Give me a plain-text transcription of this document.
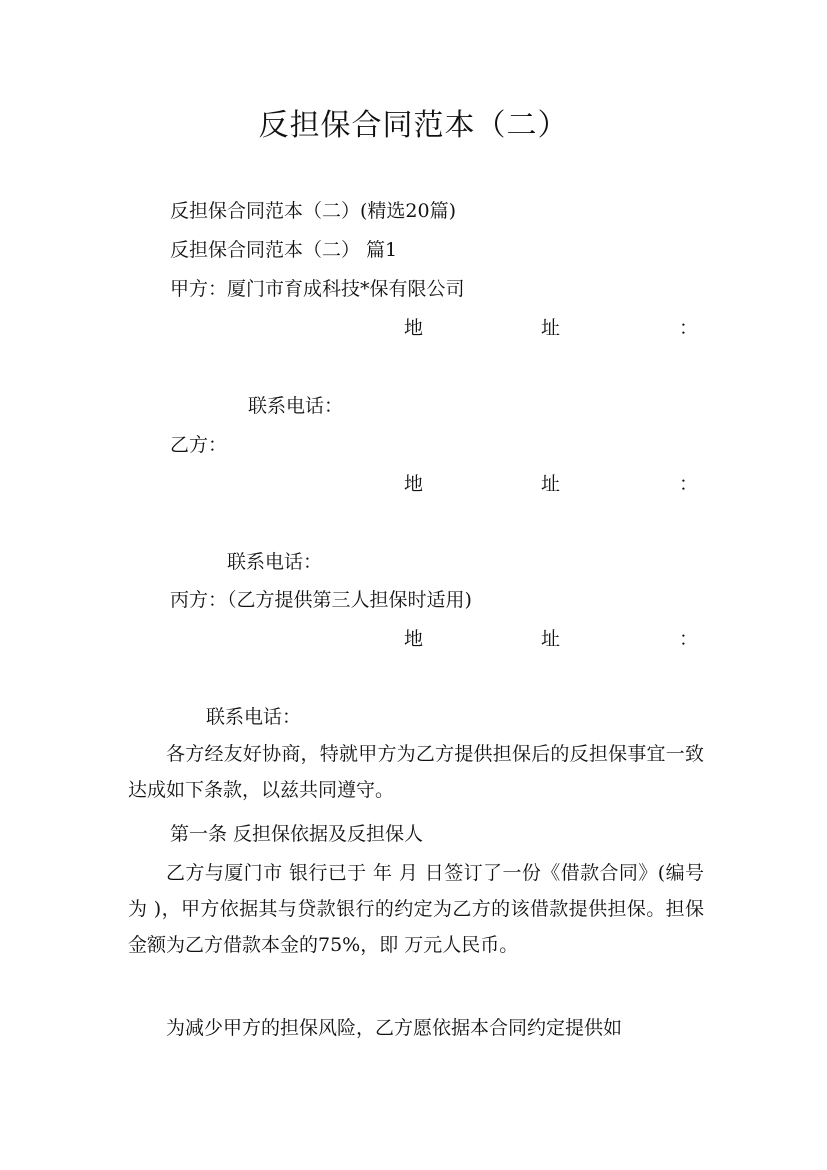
反担保合同范本（二）
反担保合同范本（二）(精选20篇)
反担保合同范本（二） 篇1
甲方：厦门市育成科技*保有限公司
地	址	：
联系电话：
乙方：
地	址	：
联系电话：
丙方：（乙方提供第三人担保时适用)
地	址	：
联系电话：
各方经友好协商，特就甲方为乙方提供担保后的反担保事宜一致达成如下条款，以兹共同遵守。
第一条 反担保依据及反担保人
乙方与厦门市 银行已于 年 月 日签订了一份《借款合同》(编号为 )，甲方依据其与贷款银行的约定为乙方的该借款提供担保。担保金额为乙方借款本金的75%，即 万元人民币。
为减少甲方的担保风险，乙方愿依据本合同约定提供如
